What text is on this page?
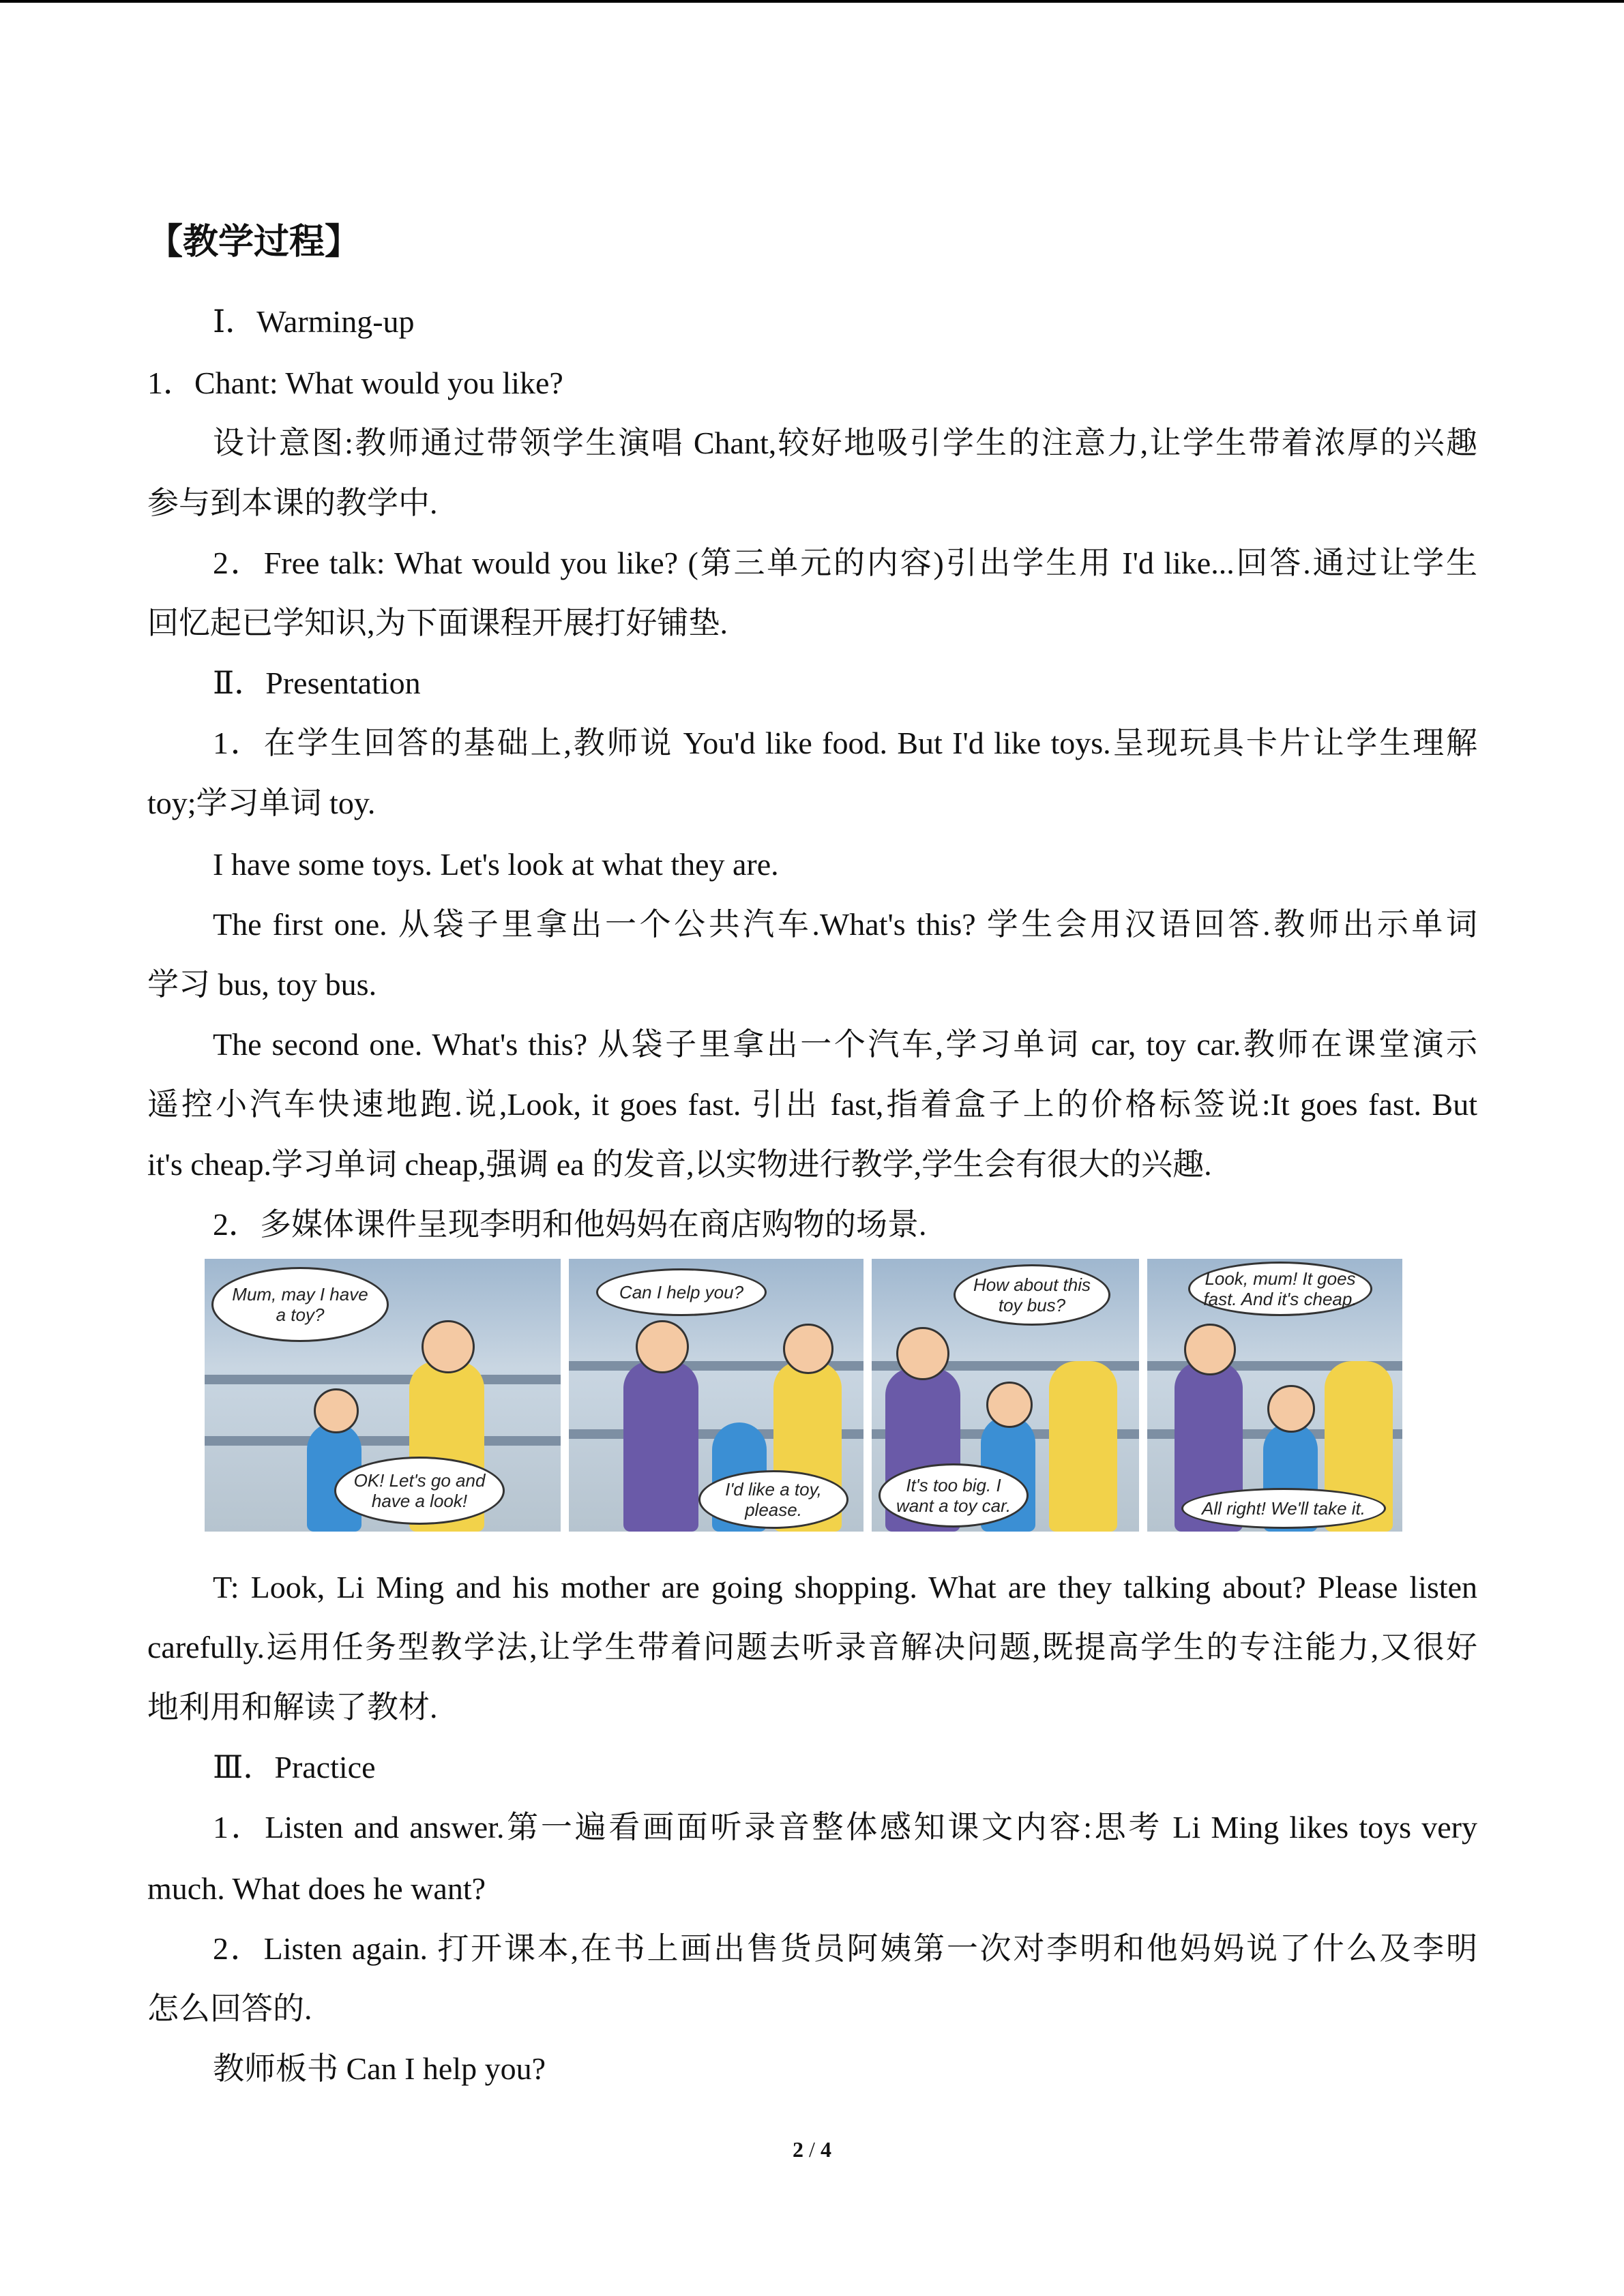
【教学过程】
Ⅰ．Warming-up
1．Chant: What would you like?
设计意图:教师通过带领学生演唱 Chant,较好地吸引学生的注意力,让学生带着浓厚的兴趣
参与到本课的教学中.
2．Free talk: What would you like? (第三单元的内容)引出学生用 I'd like...回答.通过让学生
回忆起已学知识,为下面课程开展打好铺垫.
Ⅱ．Presentation
1．在学生回答的基础上,教师说 You'd like food. But I'd like toys.呈现玩具卡片让学生理解
toy;学习单词 toy.
I have some toys. Let's look at what they are.
The first one. 从袋子里拿出一个公共汽车.What's this? 学生会用汉语回答.教师出示单词
学习 bus, toy bus.
The second one. What's this? 从袋子里拿出一个汽车,学习单词 car, toy car.教师在课堂演示
遥控小汽车快速地跑.说,Look, it goes fast. 引出 fast,指着盒子上的价格标签说:It goes fast. But
it's cheap.学习单词 cheap,强调 ea 的发音,以实物进行教学,学生会有很大的兴趣.
2．多媒体课件呈现李明和他妈妈在商店购物的场景.
Mum, may I have a toy?
OK! Let's go and have a look!
Can I help you?
I'd like a toy, please.
How about this toy bus?
It's too big. I want a toy car.
Look, mum! It goes fast. And it's cheap.
All right! We'll take it.
T: Look, Li Ming and his mother are going shopping. What are they talking about? Please listen
carefully.运用任务型教学法,让学生带着问题去听录音解决问题,既提高学生的专注能力,又很好
地利用和解读了教材.
Ⅲ．Practice
1．Listen and answer.第一遍看画面听录音整体感知课文内容:思考 Li Ming likes toys very
much. What does he want?
2．Listen again. 打开课本,在书上画出售货员阿姨第一次对李明和他妈妈说了什么及李明
怎么回答的.
教师板书 Can I help you?
2 / 4
